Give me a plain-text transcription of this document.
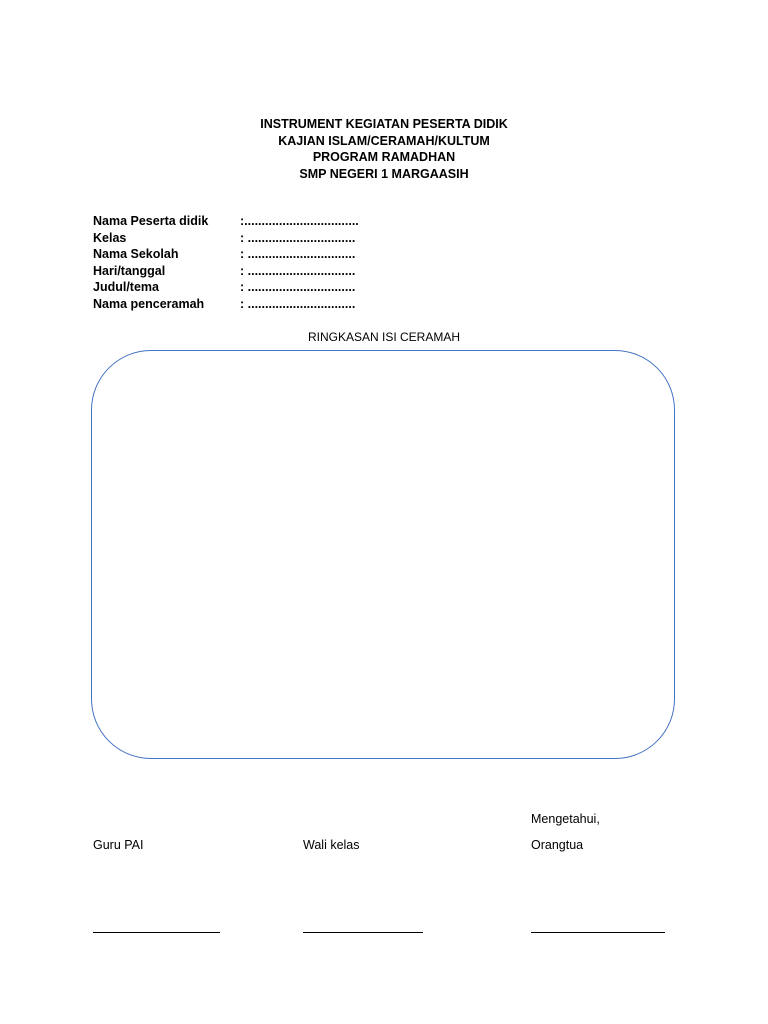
INSTRUMENT KEGIATAN PESERTA DIDIK
KAJIAN ISLAM/CERAMAH/KULTUM
PROGRAM RAMADHAN
SMP NEGERI 1 MARGAASIH
Nama Peserta didik	:.................................
Kelas	: ...............................
Nama Sekolah	: ...............................
Hari/tanggal	: ...............................
Judul/tema	: ...............................
Nama penceramah	: ...............................
RINGKASAN ISI CERAMAH
Mengetahui,
Guru PAI	Wali kelas	Orangtua
